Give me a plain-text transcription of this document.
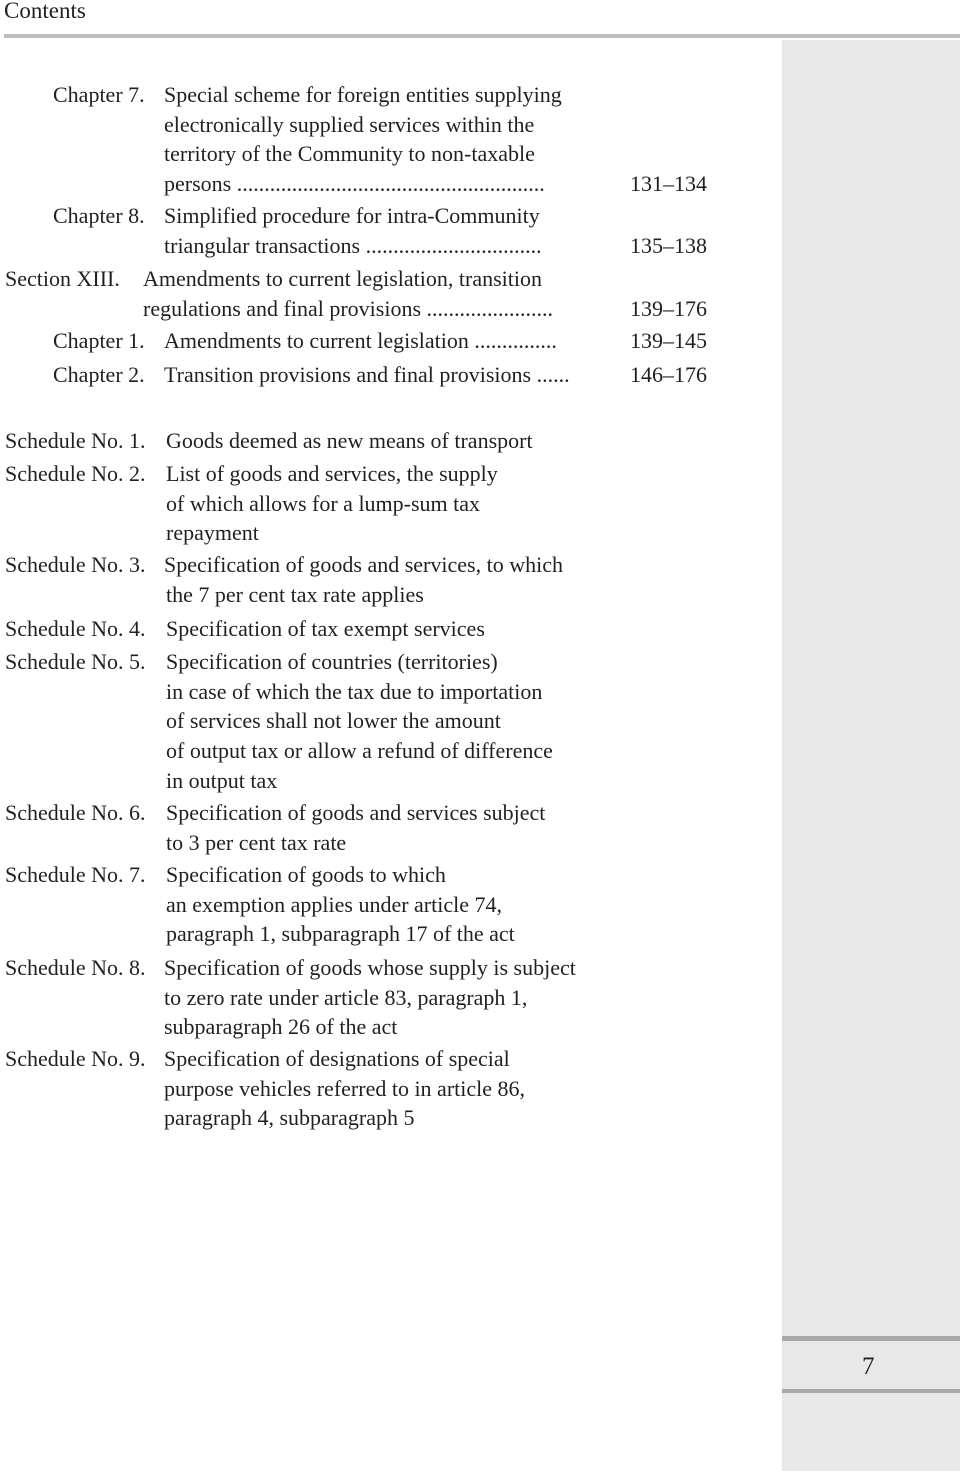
Contents
Chapter 7. Special scheme for foreign entities supplying
electronically supplied services within the
territory of the Community to non-taxable
persons ........................................................	131–134
Chapter 8. Simplified procedure for intra-Community
triangular transactions ................................	135–138
Section XIII. Amendments to current legislation, transition
regulations and final provisions .......................	139–176
Chapter 1. Amendments to current legislation ...............	139–145
Chapter 2. Transition provisions and final provisions ......	146–176
Schedule No. 1. Goods deemed as new means of transport
Schedule No. 2. List of goods and services, the supply
of which allows for a lump-sum tax
repayment
Schedule No. 3. Specification of goods and services, to which
the 7 per cent tax rate applies
Schedule No. 4. Specification of tax exempt services
Schedule No. 5. Specification of countries (territories)
in case of which the tax due to importation
of services shall not lower the amount
of output tax or allow a refund of difference
in output tax
Schedule No. 6. Specification of goods and services subject
to 3 per cent tax rate
Schedule No. 7. Specification of goods to which
an exemption applies under article 74,
paragraph 1, subparagraph 17 of the act
Schedule No. 8. Specification of goods whose supply is subject
to zero rate under article 83, paragraph 1,
subparagraph 26 of the act
Schedule No. 9. Specification of designations of special
purpose vehicles referred to in article 86,
paragraph 4, subparagraph 5
7
